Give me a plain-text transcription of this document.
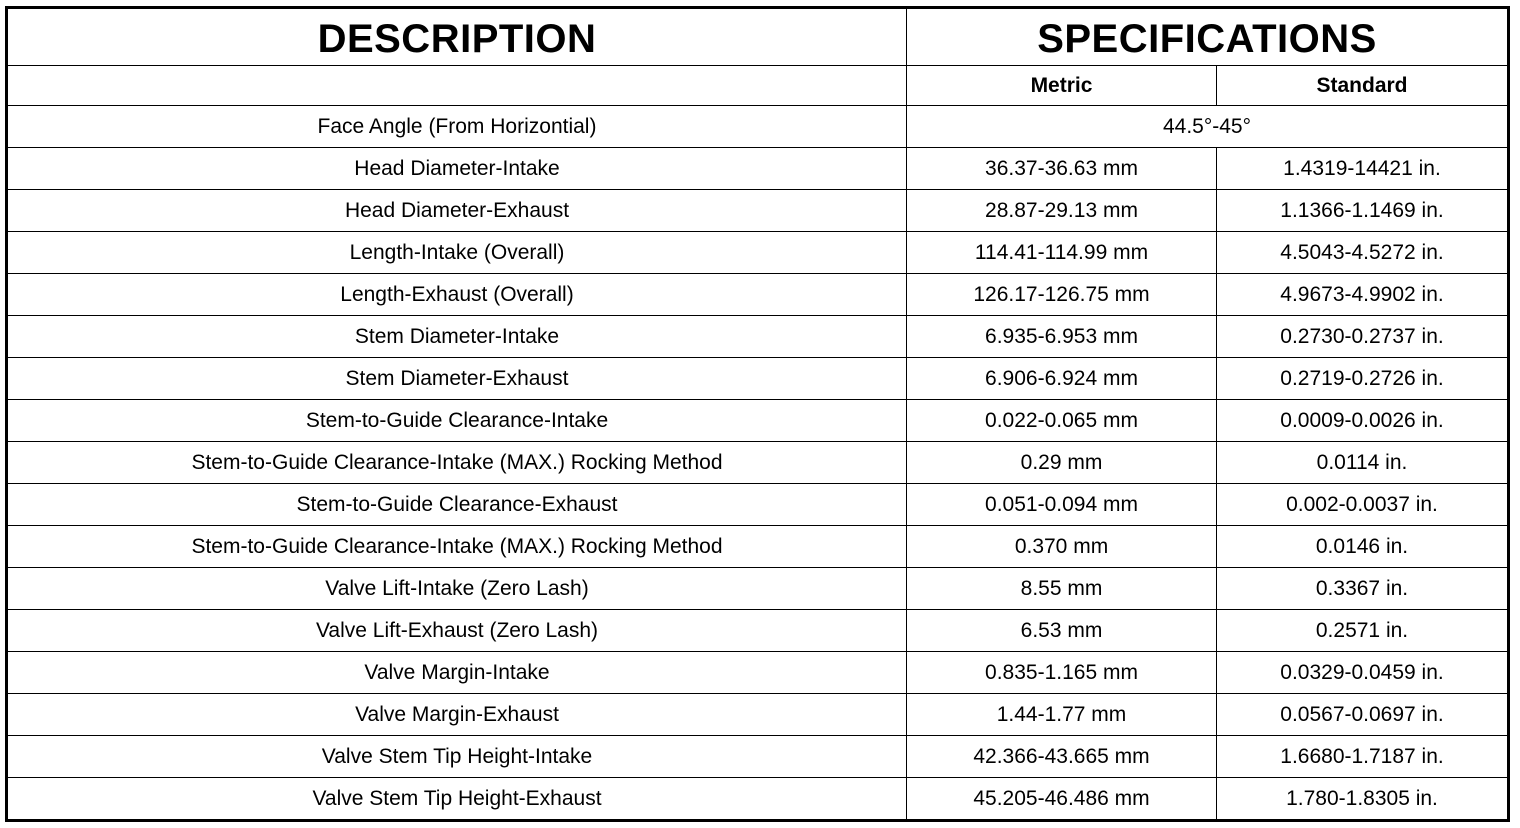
DESCRIPTION	SPECIFICATIONS	
	Metric	Standard
Face Angle (From Horizontial)	44.5°-45°	
Head Diameter-Intake	36.37-36.63 mm	1.4319-14421 in.
Head Diameter-Exhaust	28.87-29.13 mm	1.1366-1.1469 in.
Length-Intake (Overall)	114.41-114.99 mm	4.5043-4.5272 in.
Length-Exhaust (Overall)	126.17-126.75 mm	4.9673-4.9902 in.
Stem Diameter-Intake	6.935-6.953 mm	0.2730-0.2737 in.
Stem Diameter-Exhaust	6.906-6.924 mm	0.2719-0.2726 in.
Stem-to-Guide Clearance-Intake	0.022-0.065 mm	0.0009-0.0026 in.
Stem-to-Guide Clearance-Intake (MAX.) Rocking Method	0.29 mm	0.0114 in.
Stem-to-Guide Clearance-Exhaust	0.051-0.094 mm	0.002-0.0037 in.
Stem-to-Guide Clearance-Intake (MAX.) Rocking Method	0.370 mm	0.0146 in.
Valve Lift-Intake (Zero Lash)	8.55 mm	0.3367 in.
Valve Lift-Exhaust (Zero Lash)	6.53 mm	0.2571 in.
Valve Margin-Intake	0.835-1.165 mm	0.0329-0.0459 in.
Valve Margin-Exhaust	1.44-1.77 mm	0.0567-0.0697 in.
Valve Stem Tip Height-Intake	42.366-43.665 mm	1.6680-1.7187 in.
Valve Stem Tip Height-Exhaust	45.205-46.486 mm	1.780-1.8305 in.
